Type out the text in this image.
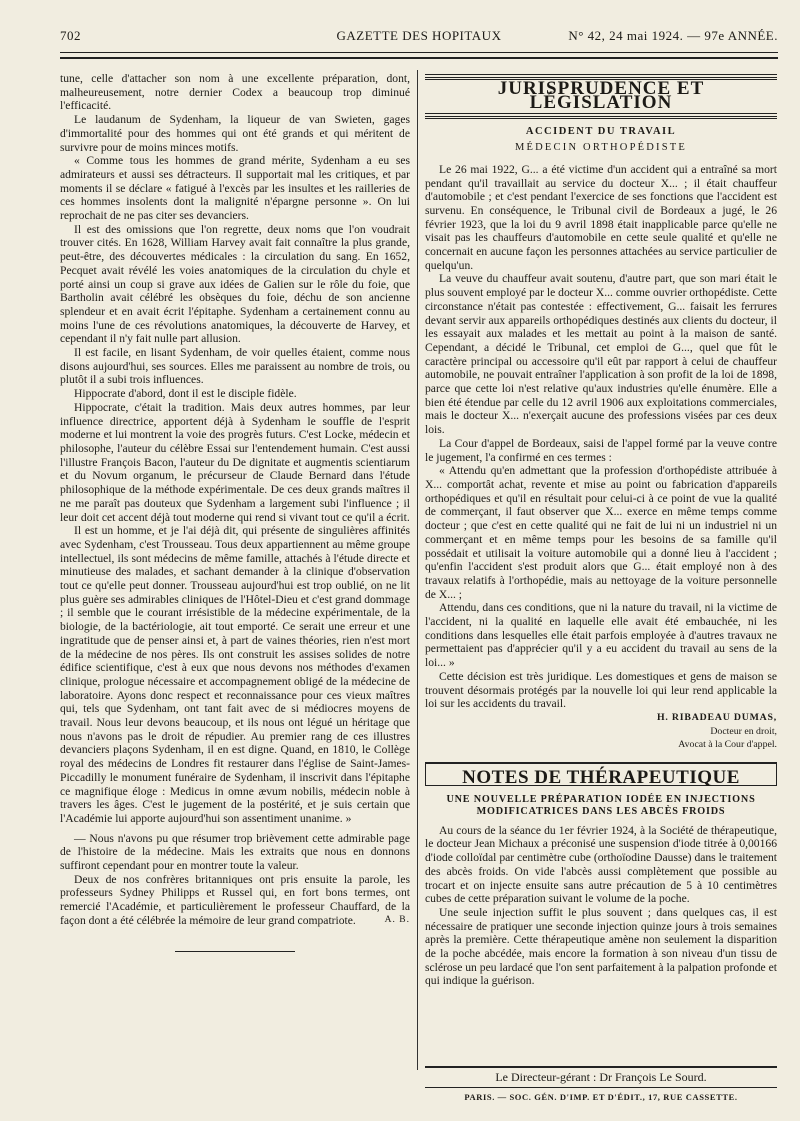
702	GAZETTE DES HOPITAUX	N° 42, 24 mai 1924. — 97e ANNÉE.

tune, celle d'attacher son nom à une excellente préparation, dont, malheureusement, notre dernier Codex a beaucoup trop diminué l'efficacité.

Le laudanum de Sydenham, la liqueur de van Swieten, gages d'immortalité pour des hommes qui ont été grands et qui méritent de survivre pour de moins minces motifs.

« Comme tous les hommes de grand mérite, Sydenham a eu ses admirateurs et aussi ses détracteurs. Il supportait mal les critiques, et par moments il se déclare « fatigué à l'excès par les insultes et les railleries de ces hommes insolents dont la malignité n'épargne personne ». On lui reprochait de ne pas citer ses devanciers.

Il est des omissions que l'on regrette, deux noms que l'on voudrait trouver cités. En 1628, William Harvey avait fait connaître la plus grande, peut-être, des découvertes médicales : la circulation du sang. En 1652, Pecquet avait révélé les voies anatomiques de la circulation du chyle et porté ainsi un coup si grave aux idées de Galien sur le rôle du foie, que Bartholin avait célébré les obsèques du foie, déchu de son ancienne splendeur et en avait écrit l'épitaphe. Sydenham a certainement connu au moins l'une de ces révolutions anatomiques, la découverte de Harvey, et cependant il n'y fait nulle part allusion.

Il est facile, en lisant Sydenham, de voir quelles étaient, comme nous disons aujourd'hui, ses sources. Elles me paraissent au nombre de trois, ou plutôt il a subi trois influences.

Hippocrate d'abord, dont il est le disciple fidèle.

Hippocrate, c'était la tradition. Mais deux autres hommes, par leur influence directrice, apportent déjà à Sydenham le souffle de l'esprit moderne et lui montrent la voie des progrès futurs. C'est Locke, médecin et philosophe, l'auteur du célèbre Essai sur l'entendement humain. C'est aussi l'illustre François Bacon, l'auteur du De dignitate et augmentis scientiarum et du Novum organum, le précurseur de Claude Bernard dans l'étude philosophique de la méthode expérimentale. De ces deux grands maîtres il ne me paraît pas douteux que Sydenham a largement subi l'influence ; il leur doit cet accent déjà tout moderne qui rend si vivant tout ce qu'il a écrit.

Il est un homme, et je l'ai déjà dit, qui présente de singulières affinités avec Sydenham, c'est Trousseau. Tous deux appartiennent au même groupe intellectuel, ils sont médecins de même famille, attachés à l'étude directe et minutieuse des malades, et sachant demander à la clinique d'observation tout ce qu'elle peut donner. Trousseau aujourd'hui est trop oublié, on ne lit plus guère ses admirables cliniques de l'Hôtel-Dieu et c'est grand dommage ; il semble que le courant irrésistible de la médecine expérimentale, de la biologie, de la bactériologie, ait tout emporté. Ce serait une erreur et une ingratitude que de penser ainsi et, à part de vaines théories, rien n'est mort de la médecine de nos pères. Ils ont construit les assises solides de notre édifice scientifique, c'est à eux que nous devons nos méthodes d'examen clinique, prologue nécessaire et accompagnement obligé de la médecine de laboratoire. Ayons donc respect et reconnaissance pour ces vieux maîtres qui, tels que Sydenham, ont tant fait avec de si médiocres moyens de travail. Nous leur devons beaucoup, et ils nous ont légué un héritage que nous n'avons pas le droit de répudier. Au premier rang de ces illustres devanciers plaçons Sydenham, il en est digne. Quand, en 1810, le Collège royal des médecins de Londres fit restaurer dans l'église de Saint-James-Piccadilly le monument funéraire de Sydenham, il inscrivit dans l'épitaphe ce magnifique éloge : Medicus in omne ævum nobilis, médecin noble à travers les âges. C'est le jugement de la postérité, et je suis certain que l'Académie lui apporte aujourd'hui son assentiment unanime. »

— Nous n'avons pu que résumer trop brièvement cette admirable page de l'histoire de la médecine. Mais les extraits que nous en donnons suffiront cependant pour en montrer toute la valeur.

Deux de nos confrères britanniques ont pris ensuite la parole, les professeurs Sydney Philipps et Russel qui, en fort bons termes, ont remercié l'Académie, et particulièrement le professeur Chauffard, de la façon dont a été célébrée la mémoire de leur grand compatriote.	A. B.

JURISPRUDENCE ET LÉGISLATION
ACCIDENT DU TRAVAIL
MÉDECIN ORTHOPÉDISTE

Le 26 mai 1922, G... a été victime d'un accident qui a entraîné sa mort pendant qu'il travaillait au service du docteur X... ; il était chauffeur d'automobile ; et c'est pendant l'exercice de ses fonctions que l'accident est survenu. En conséquence, le Tribunal civil de Bordeaux a jugé, le 26 février 1923, que la loi du 9 avril 1898 était inapplicable parce qu'elle ne visait pas les chauffeurs d'automobile en cette seule qualité et qu'elle ne concernait en aucune façon les personnes attachées au service particulier de quelqu'un.

La veuve du chauffeur avait soutenu, d'autre part, que son mari était le plus souvent employé par le docteur X... comme ouvrier orthopédiste. Cette circonstance n'était pas contestée : effectivement, G... faisait les ferrures devant servir aux appareils orthopédiques destinés aux clients du docteur, il les essayait aux malades et les mettait au point à la maison de santé. Cependant, a décidé le Tribunal, cet emploi de G..., quel que fût le caractère principal ou accessoire qu'il eût par rapport à celui de chauffeur automobile, ne pouvait entraîner l'application à son profit de la loi de 1898, parce que cette loi n'est relative qu'aux industries qu'elle énumère. Elle a bien été étendue par celle du 12 avril 1906 aux exploitations commerciales, mais le docteur X... n'exerçait aucune des professions visées par ces deux lois.

La Cour d'appel de Bordeaux, saisi de l'appel formé par la veuve contre le jugement, l'a confirmé en ces termes :

« Attendu qu'en admettant que la profession d'orthopédiste attribuée à X... comportât achat, revente et mise au point ou fabrication d'appareils orthopédiques et qu'il en résultait pour celui-ci à ce point de vue la qualité de commerçant, il faut observer que X... exerce en même temps comme docteur ; que c'est en cette qualité qui ne fait de lui ni un industriel ni un commerçant et en même temps pour les besoins de sa famille qu'il possédait et utilisait la voiture automobile qui a donné lieu à l'accident ; qu'enfin l'accident s'est produit alors que G... était employé non à des travaux relatifs à l'orthopédie, mais au nettoyage de la voiture personnelle de X... ;

Attendu, dans ces conditions, que ni la nature du travail, ni la victime de l'accident, ni la qualité en laquelle elle avait été embauchée, ni les conditions dans lesquelles elle était parfois employée à d'autres travaux ne permettaient pas d'apprécier qu'il y a eu accident du travail au sens de la loi... »

Cette décision est très juridique. Les domestiques et gens de maison se trouvent désormais protégés par la nouvelle loi qui leur rend applicable la loi sur les accidents du travail.

H. RIBADEAU DUMAS,
Docteur en droit,
Avocat à la Cour d'appel.
NOTES DE THÉRAPEUTIQUE
UNE NOUVELLE PRÉPARATION IODÉE EN INJECTIONS MODIFICATRICES DANS LES ABCÈS FROIDS

Au cours de la séance du 1er février 1924, à la Société de thérapeutique, le docteur Jean Michaux a préconisé une suspension d'iode titrée à 0,00166 d'iode colloïdal par centimètre cube (orthoïodine Dausse) dans le traitement des abcès froids. On vide l'abcès aussi complètement que possible au trocart et on injecte ensuite sans autre précaution de 5 à 10 centimètres cubes de cette préparation suivant le volume de la poche.

Une seule injection suffit le plus souvent ; dans quelques cas, il est nécessaire de pratiquer une seconde injection quinze jours à trois semaines après la première. Cette thérapeutique amène non seulement la disparition de la poche abcédée, mais encore la formation à son niveau d'un tissu de sclérose un peu lardacé que l'on sent parfaitement à la palpation profonde et qui indique la guérison.

Le Directeur-gérant : Dr François Le Sourd.
PARIS. — SOC. GÉN. D'IMP. ET D'ÉDIT., 17, RUE CASSETTE.
